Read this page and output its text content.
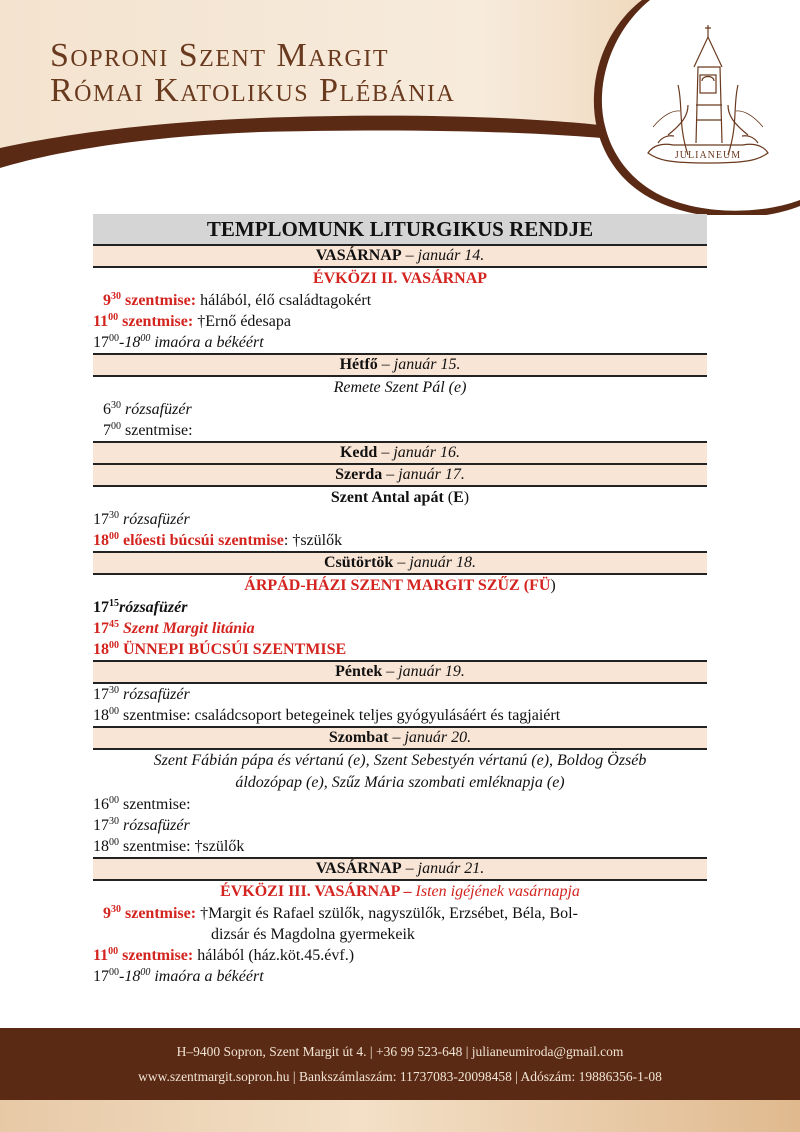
Soproni Szent Margit
Római Katolikus Plébánia
JULIANEUM
TEMPLOMUNK LITURGIKUS RENDJE
VASÁRNAP – január 14.
ÉVKÖZI II. VASÁRNAP
$9^{30}$ szentmise: hálából, élő családtagokért
$11^{00}$ szentmise: †Ernő édesapa
$17^{00}-18^{00}$ imaóra a békéért
Hétfő – január 15.
Remete Szent Pál (e)
$6^{30}$ rózsafüzér
$7^{00}$ szentmise:
Kedd – január 16.
Szerda – január 17.
Szent Antal apát (E)
$17^{30}$ rózsafüzér
$18^{00}$ előesti búcsúi szentmise: †szülők
Csütörtök – január 18.
ÁRPÁD-HÁZI SZENT MARGIT SZŰZ (FÜ)
$17^{15}rózsafüzér$
$17^{45}$ Szent Margit litánia
$18^{00}$ ÜNNEPI BÚCSÚI SZENTMISE
Péntek – január 19.
$17^{30}$ rózsafüzér
$18^{00}$ szentmise: családcsoport betegeinek teljes gyógyulásáért és tagjaiért
Szombat – január 20.
Szent Fábián pápa és vértanú (e), Szent Sebestyén vértanú (e), Boldog Özséb
áldozópap (e), Szűz Mária szombati emléknapja (e)
$16^{00}$ szentmise:
$17^{30}$ rózsafüzér
$18^{00}$ szentmise: †szülők
VASÁRNAP – január 21.
ÉVKÖZI III. VASÁRNAP – Isten igéjének vasárnapja
$9^{30}$ szentmise: †Margit és Rafael szülők, nagyszülők, Erzsébet, Béla, Bol-
dizsár és Magdolna gyermekeik
$11^{00}$ szentmise: hálából (ház.köt.45.évf.)
$17^{00}-18^{00}$ imaóra a békéért
H–9400 Sopron, Szent Margit út 4. | +36 99 523-648 | julianeumiroda@gmail.com
www.szentmargit.sopron.hu | Bankszámlaszám: 11737083-20098458 | Adószám: 19886356-1-08
